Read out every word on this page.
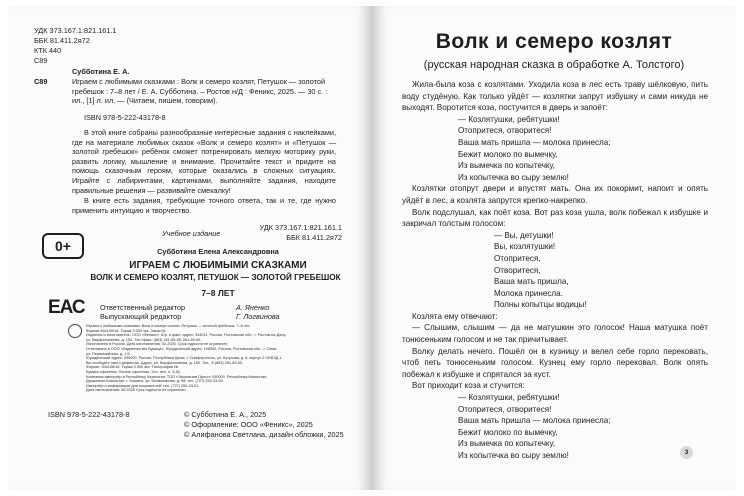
УДК 373.167.1:821.161.1
ББК 81.411.2я72
КТК 440
С89
С89
Субботина Е. А.
Играем с любимыми сказками : Волк и семеро козлят, Петушок — золотой гребешок : 7–8 лет / Е. А. Субботина. – Ростов н/Д : Феникс, 2025. — 30 с. : ил., [1] л. ил. — (Читаем, пишем, говорим).
ISBN 978-5-222-43178-8
В этой книге собраны разнообразные интересные задания с наклейками, где на материале любимых сказок «Волк и семеро козлят» и «Петушок — золотой гребешок» ребёнок сможет потренировать мелкую моторику руки, развить логику, мышление и внимание. Прочитайте текст и придите на помощь сказочным героям, которые оказались в сложных ситуациях. Играйте с лабиринтами, картинками, выполняйте задания, находите правильные решения — развивайте смекалку!
В книге есть задания, требующие точного ответа, так и те, где нужно применить интуицию и творчество.
УДК 373.167.1:821.161.1
ББК 81.411.2я72
Учебное издание
0+	Субботина Елена Александровна
ИГРАЕМ С ЛЮБИМЫМИ СКАЗКАМИ
ВОЛК И СЕМЕРО КОЗЛЯТ, ПЕТУШОК — ЗОЛОТОЙ ГРЕБЕШОК
7–8 ЛЕТ
ЕАС Ответственный редактор	А. Яненко
Выпускающий редактор	Г. Логвинова
Играем с любимыми сказками. Волк и семеро козлят. Петушок — золотой гребешок. 7–8 лет.
Формат 84x108/16. Тираж 3 000 экз. Заказ №
Издатель и изготовитель: ООО «Феникс». Юр. и факт. адрес: 344011, Россия, Ростовская обл., г. Ростов-на-Дону,
ул. Варфоломеева, д. 150. Тел./факс: (863) 261-89-65, 261-89-50.
Изготовлено в России. Дата изготовления: 02.2025. Срок годности не ограничен.
Отпечатано в ООО «Издательство Бужица». Юридический адрес: 196000, Россия, Ростовская обл., г. Семи-
ул. Первомайская, д. 1 Б.
Юридический адрес: 295000, Россия, Республика Крым, г. Симферополь, ул. Кутузова, д. 8, корпус 2 ОКВЭД 1.
Вы сообщите нам о дефектах. Адрес: ул. Варфоломеева, д. 150. Тел.: 8 (863) 261-89-65.
Формат: 84x108/16. Тираж 3 000 экз. Типография №
Бумага офсетная. Печать офсетная. Усл. печ. л. 3,36.
Компания-импортёр в Республику Казахстан: ТОО «Эксклюзив Пресс» 050000, Республика Казахстан,
Держатели Казахстан: г. Алматы, ул. Бекмаханова, д. 98, тел. (727) 290-33-59.
Импортёр и информация для покупателей: тел. (727) 260-33-01.
Дата изготовления: 06.2025 Срок годности не ограничен.
ISBN 978-5-222-43178-8	© Субботина Е. А., 2025
© Оформление: ООО «Феникс», 2025
© Алифанова Светлана, дизайн обложки, 2025
Волк и семеро козлят
(русская народная сказка в обработке А. Толстого)

Жила-была коза с козлятами. Уходила коза в лес есть траву шёлковую, пить воду студёную. Как только уйдёт — козлятки запрут избушку и сами никуда не выходят. Воротится коза, постучится в дверь и запоёт:

— Козлятушки, ребятушки!

Отопритеся, отворитеся!

Ваша мать пришла — молока принесла;

Бежит молоко по вымечку,

Из вымечка по копытечку,

Из копытечка во сыру землю!

Козлятки отопрут двери и впустят мать. Она их покормит, напоит и опять уйдёт в лес, а козлята запрутся крепко-накрепко.

Волк подслушал, как поёт коза. Вот раз коза ушла, волк побежал к избушке и закричал толстым голосом:

— Вы, детушки!

Вы, козлятушки!

Отопритеся,

Отворитеся,

Ваша мать пришла,

Молока принесла.

Полны копытцы водицы!

Козлята ему отвечают:

— Слышим, слышим — да не матушкин это голосок! Наша матушка поёт тонюсеньким голосом и не так причитывает.

Волку делать нечего. Пошёл он в кузницу и велел себе горло перековать, чтоб петь тонюсеньким голосом. Кузнец ему горло перековал. Волк опять побежал к избушке и спрятался за куст.

Вот приходит коза и стучится:

— Козлятушки, ребятушки!

Отопритеся, отворитеся!

Ваша мать пришла — молока принесла;

Бежит молоко по вымечку,

Из вымечка по копытечку,

Из копытечка во сыру землю!	3
